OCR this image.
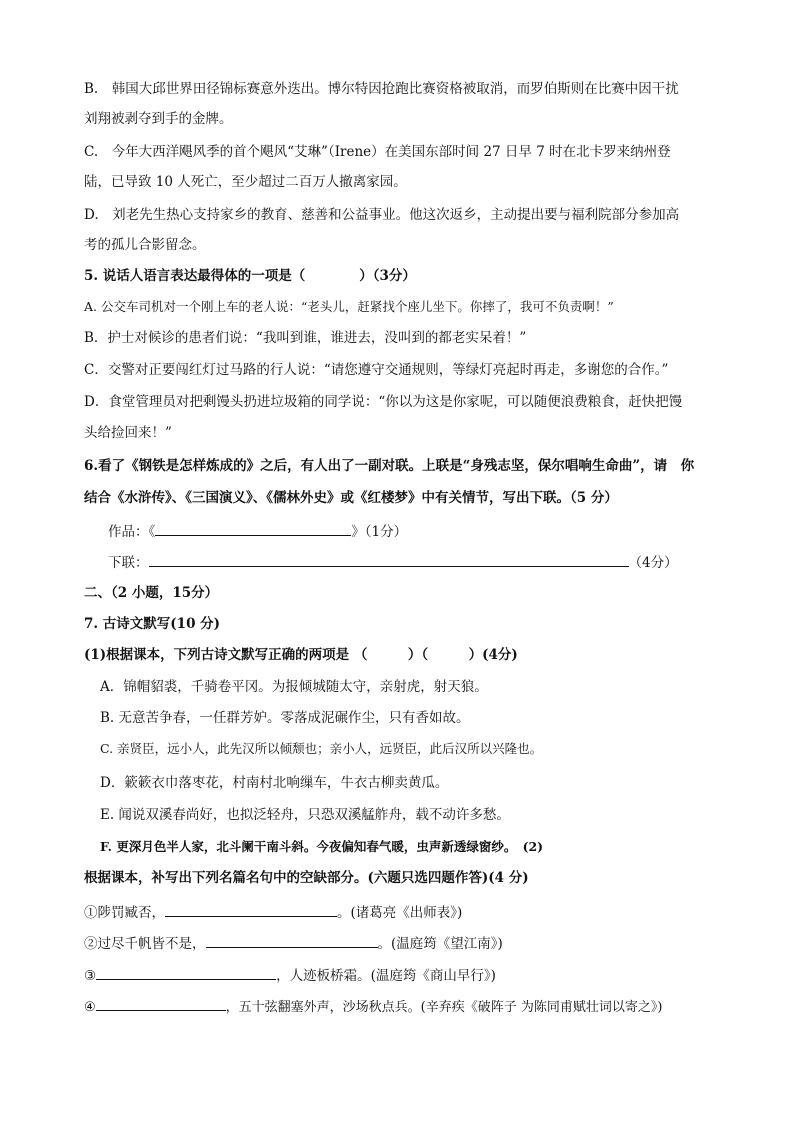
B.　韩国大邱世界田径锦标赛意外迭出。博尔特因抢跑比赛资格被取消，而罗伯斯则在比赛中因干扰
刘翔被剥夺到手的金牌。
C.　今年大西洋飓风季的首个飓风“艾琳”（Irene）在美国东部时间 27 日早 7 时在北卡罗来纳州登
陆，已导致 10 人死亡，至少超过二百万人撤离家园。
D.　刘老先生热心支持家乡的教育、慈善和公益事业。他这次返乡，主动提出要与福利院部分参加高
考的孤儿合影留念。
5. 说话人语言表达最得体的一项是（　　　　）（3分）
A. 公交车司机对一个刚上车的老人说：“老头儿，赶紧找个座儿坐下。你摔了，我可不负责啊！”
B．护士对候诊的患者们说：“我叫到谁，谁进去，没叫到的都老实呆着！”
C．交警对正要闯红灯过马路的行人说：“请您遵守交通规则，等绿灯亮起时再走，多谢您的合作。”
D．食堂管理员对把剩馒头扔进垃圾箱的同学说：“你以为这是你家呢，可以随便浪费粮食，赶快把馒
头给捡回来！”
6.看了《钢铁是怎样炼成的》之后，有人出了一副对联。上联是“身残志坚，保尔唱响生命曲”，请　你
结合《水浒传》、《三国演义》、《儒林外史》或《红楼梦》中有关情节，写出下联。（5 分）
作品：《	》（1分）
下联：	（4分）
二、（2 小题，15分）
7. 古诗文默写(10 分)
(1)根据课本，下列古诗文默写正确的两项是 （　　　）（　　　）(4分)
A．锦帽貂裘，千骑卷平冈。为报倾城随太守，亲射虎，射天狼。
B. 无意苦争春，一任群芳妒。零落成泥碾作尘，只有香如故。
C. 亲贤臣，远小人，此先汉所以倾颓也；亲小人，远贤臣，此后汉所以兴隆也。
D．簌簌衣巾落枣花，村南村北响缫车，牛衣古柳卖黄瓜。
E. 闻说双溪春尚好，也拟泛轻舟，只恐双溪艋舴舟，载不动许多愁。
F. 更深月色半人家，北斗阑干南斗斜。今夜偏知春气暖，虫声新透绿窗纱。　(2)
根据课本，补写出下列名篇名句中的空缺部分。(六题只选四题作答)(4 分)
①陟罚臧否，	。(诸葛亮《出师表》)
②过尽千帆皆不是，	。(温庭筠《望江南》)
③	，人迹板桥霜。(温庭筠《商山早行》)
④	，五十弦翻塞外声，沙场秋点兵。(辛弃疾《破阵子 为陈同甫赋壮词以寄之》)
